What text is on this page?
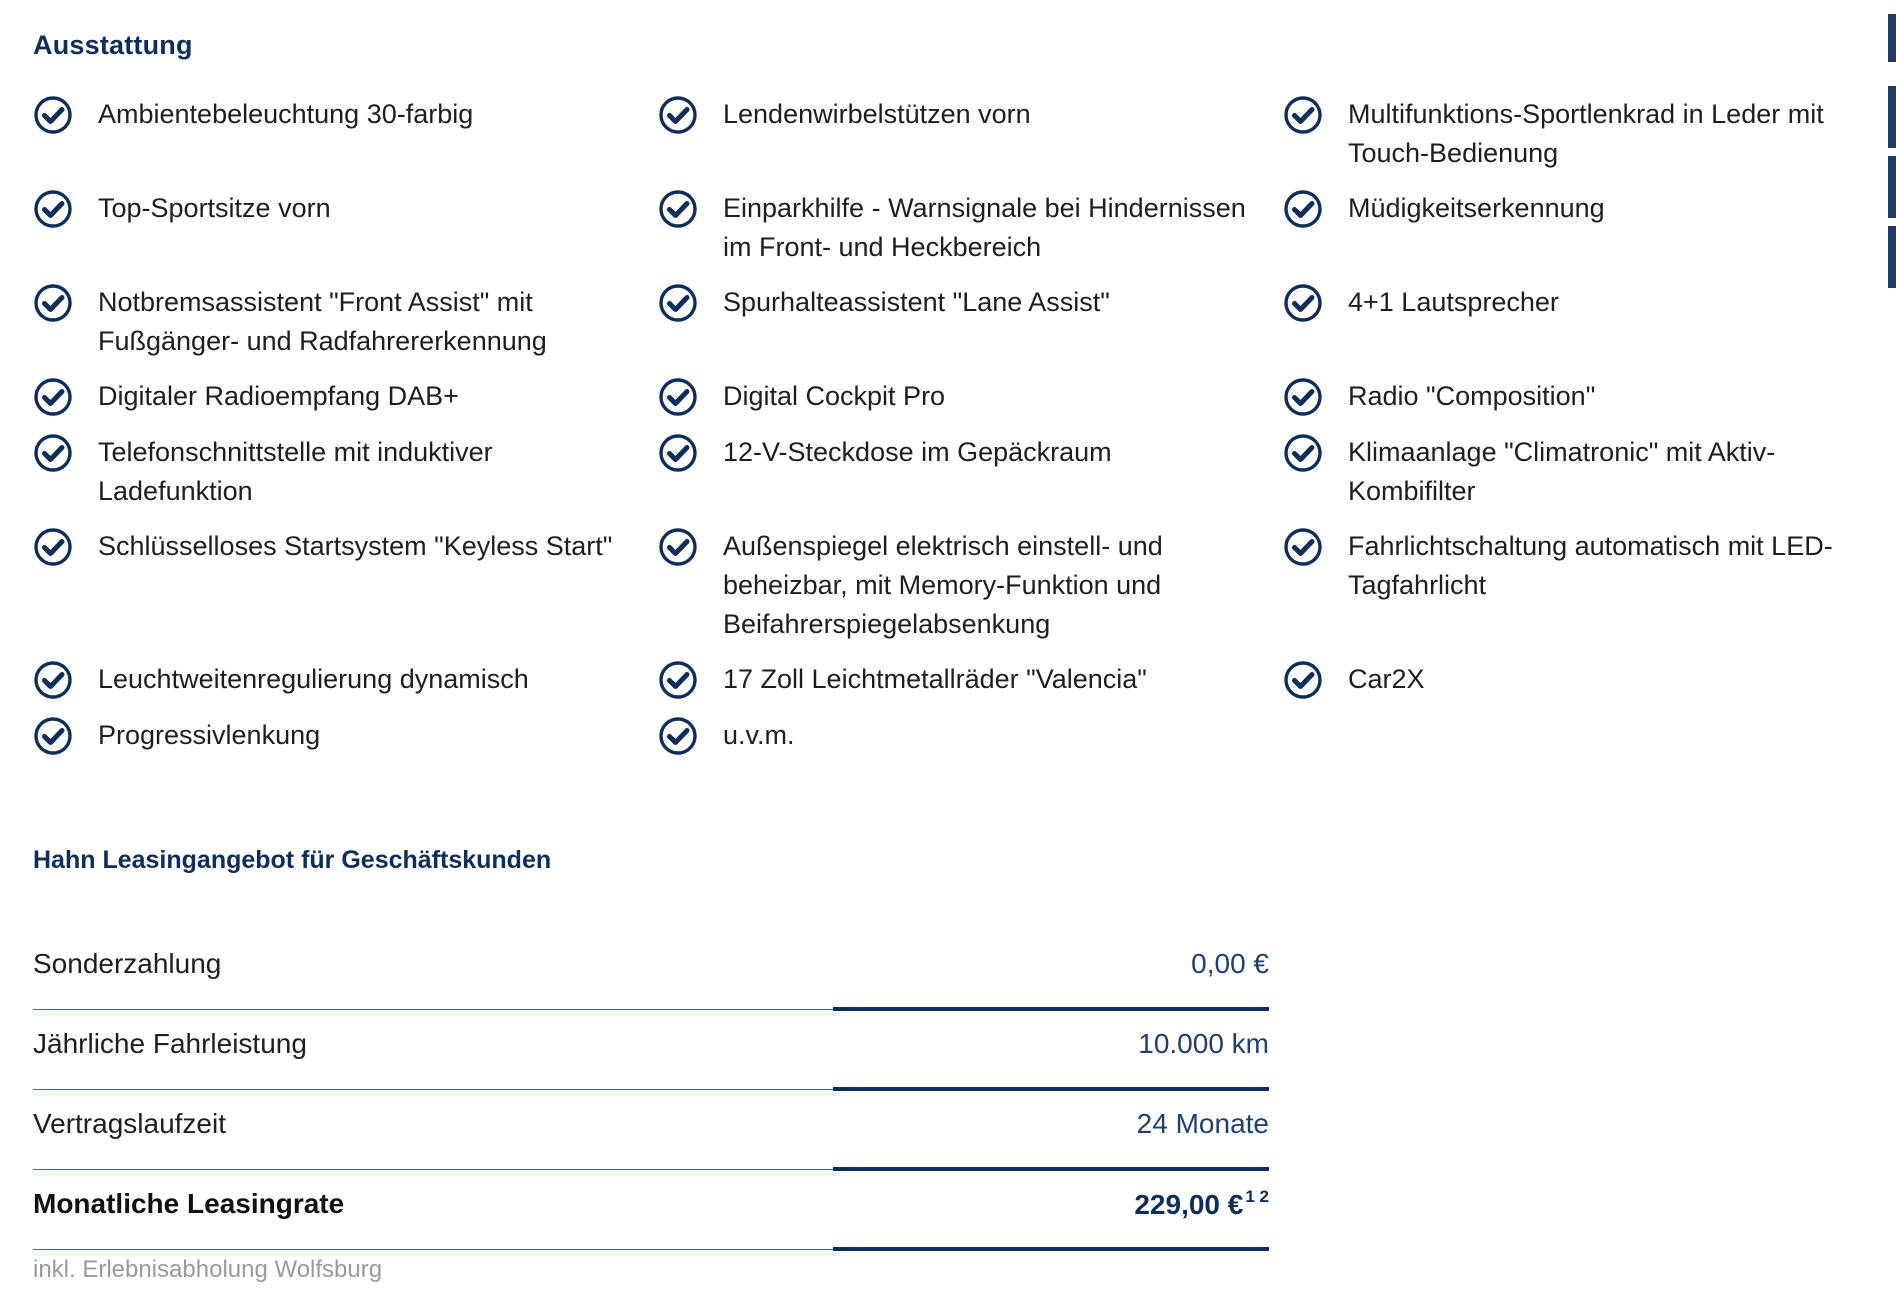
Ausstattung
Ambientebeleuchtung 30-farbig	Lendenwirbelstützen vorn	Multifunktions-Sportlenkrad in Leder mit Touch-Bedienung
Top-Sportsitze vorn	Einparkhilfe - Warnsignale bei Hindernissen im Front- und Heckbereich
Müdigkeitserkennung
Notbremsassistent "Front Assist" mit Fußgänger- und Radfahrererkennung
Spurhalteassistent "Lane Assist"	4+1 Lautsprecher
Digitaler Radioempfang DAB+	Digital Cockpit Pro	Radio "Composition"
Telefonschnittstelle mit induktiver Ladefunktion
12-V-Steckdose im Gepäckraum	Klimaanlage "Climatronic" mit Aktiv-Kombifilter
Schlüsselloses Startsystem "Keyless Start"	Außenspiegel elektrisch einstell- und beheizbar, mit Memory-Funktion und Beifahrerspiegelabsenkung
Fahrlichtschaltung automatisch mit LED-Tagfahrlicht
Leuchtweitenregulierung dynamisch	17 Zoll Leichtmetallräder "Valencia"	Car2X
Progressivlenkung	u.v.m.
Hahn Leasingangebot für Geschäftskunden
Sonderzahlung	0,00 €
Jährliche Fahrleistung	10.000 km
Vertragslaufzeit	24 Monate
Monatliche Leasingrate	229,00 € $^{1 2}$
inkl. Erlebnisabholung Wolfsburg
